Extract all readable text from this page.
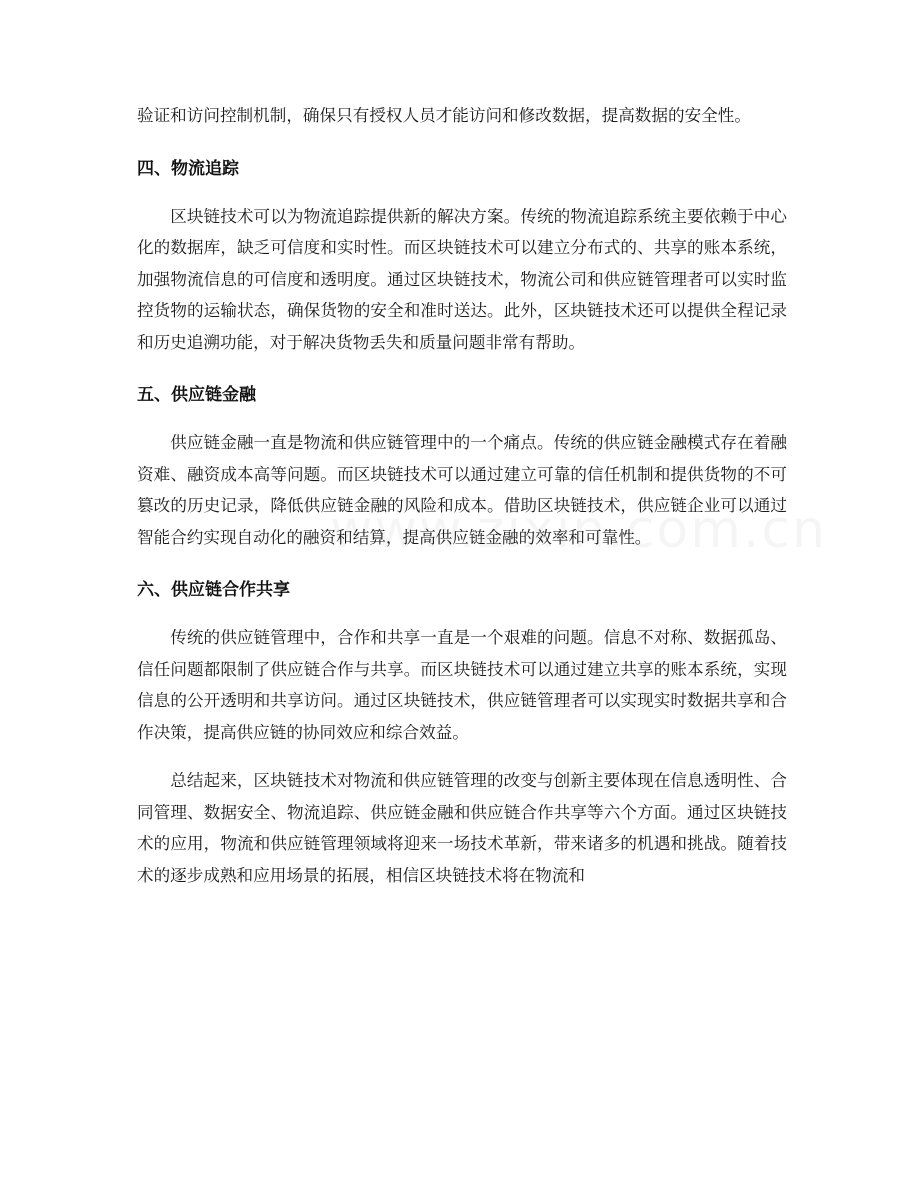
验证和访问控制机制，确保只有授权人员才能访问和修改数据，提高数据的安全性。

四、物流追踪

区块链技术可以为物流追踪提供新的解决方案。传统的物流追踪系统主要依赖于中心化的数据库，缺乏可信度和实时性。而区块链技术可以建立分布式的、共享的账本系统，加强物流信息的可信度和透明度。通过区块链技术，物流公司和供应链管理者可以实时监控货物的运输状态，确保货物的安全和准时送达。此外，区块链技术还可以提供全程记录和历史追溯功能，对于解决货物丢失和质量问题非常有帮助。

五、供应链金融

供应链金融一直是物流和供应链管理中的一个痛点。传统的供应链金融模式存在着融资难、融资成本高等问题。而区块链技术可以通过建立可靠的信任机制和提供货物的不可篡改的历史记录，降低供应链金融的风险和成本。借助区块链技术，供应链企业可以通过智能合约实现自动化的融资和结算，提高供应链金融的效率和可靠性。

六、供应链合作共享

传统的供应链管理中，合作和共享一直是一个艰难的问题。信息不对称、数据孤岛、信任问题都限制了供应链合作与共享。而区块链技术可以通过建立共享的账本系统，实现信息的公开透明和共享访问。通过区块链技术，供应链管理者可以实现实时数据共享和合作决策，提高供应链的协同效应和综合效益。

总结起来，区块链技术对物流和供应链管理的改变与创新主要体现在信息透明性、合同管理、数据安全、物流追踪、供应链金融和供应链合作共享等六个方面。通过区块链技术的应用，物流和供应链管理领域将迎来一场技术革新，带来诸多的机遇和挑战。随着技术的逐步成熟和应用场景的拓展，相信区块链技术将在物流和
